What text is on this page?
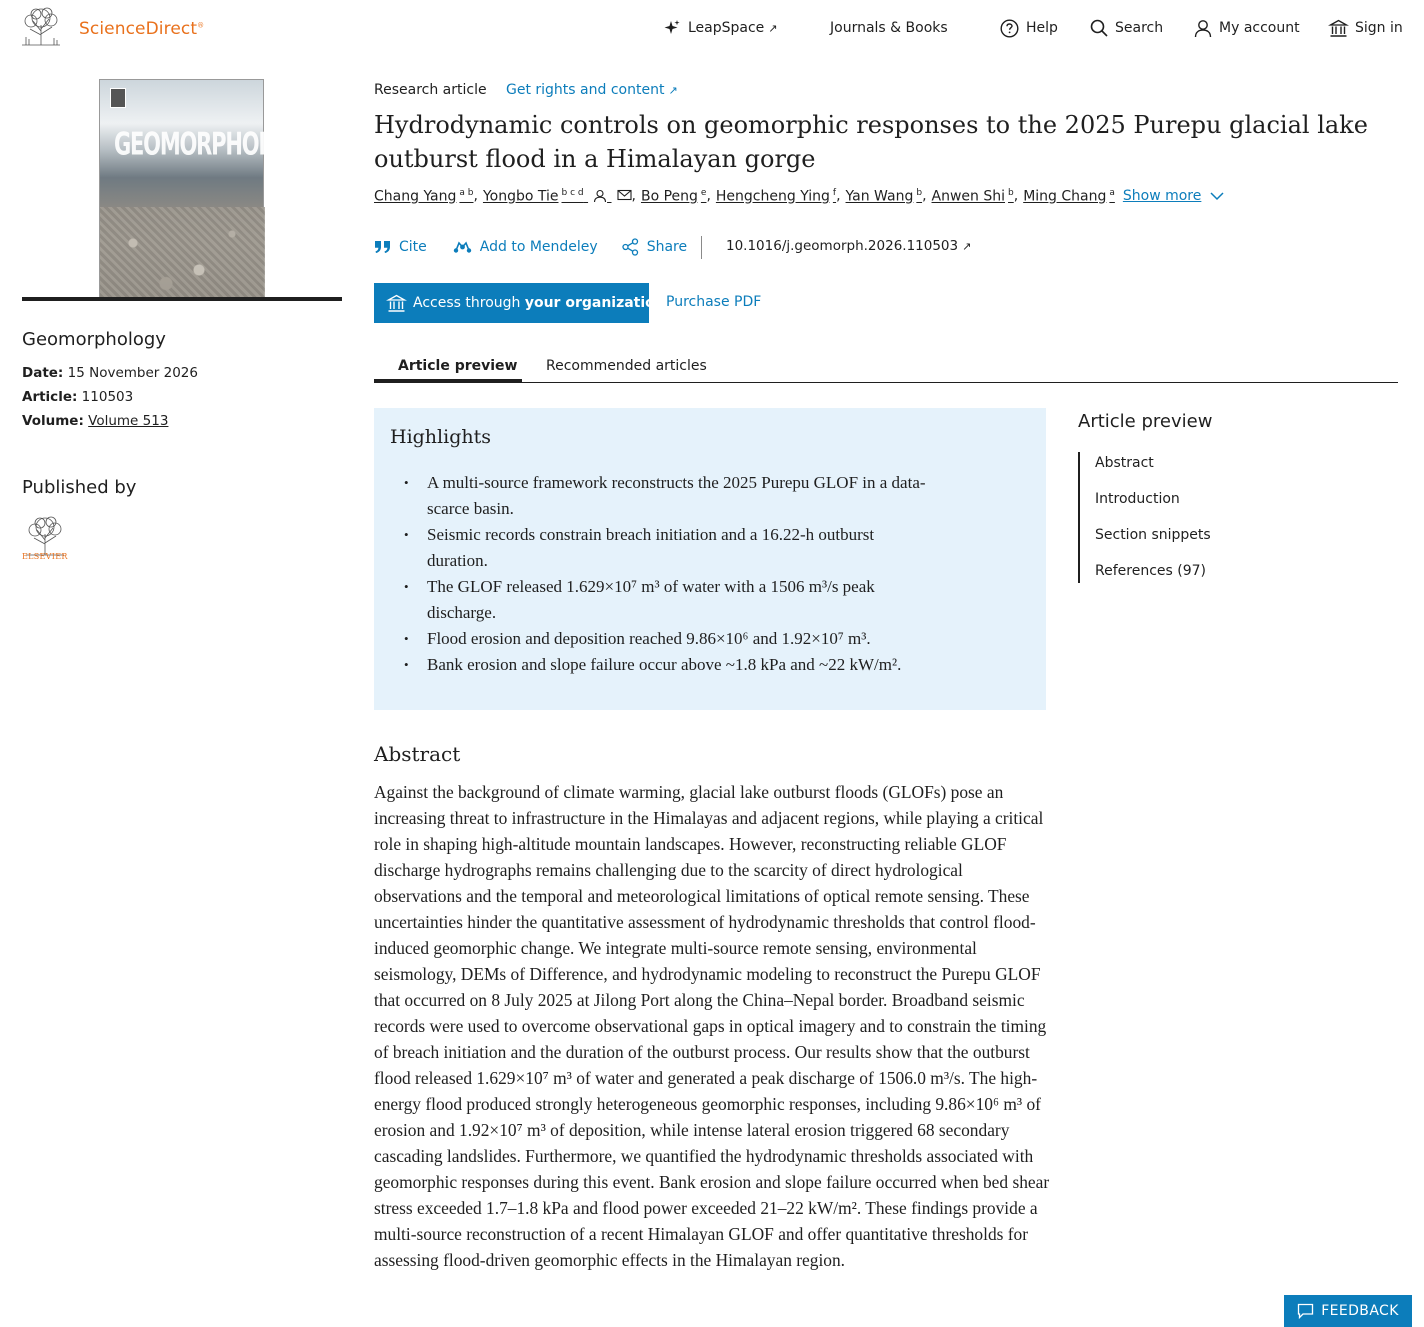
ScienceDirect®	LeapSpace ↗	Journals & Books	Help	Search	My account	Sign in
GEOMORPHOLOGY
Geomorphology
Date: 15 November 2026
Article: 110503
Volume: Volume 513
Published by
ELSEVIER
Research article Get rights and content ↗
Hydrodynamic controls on geomorphic responses to the 2025 Purepu glacial lake outburst flood in a Himalayan gorge
Chang Yang $^{a b}$ , Yongbo Tie $^{b c d}$	, Bo Peng $^e$ , Hengcheng Ying $^f$ , Yan Wang $^b$ , Anwen Shi $^b$ , Ming Chang $^a$ Show more
Cite	Add to Mendeley	Share	10.1016/j.geomorph.2026.110503 ↗
Access through your organization Purchase PDF
Article preview Recommended articles
Highlights
• A multi-source framework reconstructs the 2025 Purepu GLOF in a data-scarce basin.
• Seismic records constrain breach initiation and a 16.22-h outburst duration.
• The GLOF released 1.629×10⁷ m³ of water with a 1506 m³/s peak discharge.
• Flood erosion and deposition reached 9.86×10⁶ and 1.92×10⁷ m³.
• Bank erosion and slope failure occur above ~1.8 kPa and ~22 kW/m².
Abstract
Against the background of climate warming, glacial lake outburst floods (GLOFs) pose an increasing threat to infrastructure in the Himalayas and adjacent regions, while playing a critical role in shaping high-altitude mountain landscapes. However, reconstructing reliable GLOF discharge hydrographs remains challenging due to the scarcity of direct hydrological observations and the temporal and meteorological limitations of optical remote sensing. These uncertainties hinder the quantitative assessment of hydrodynamic thresholds that control flood-induced geomorphic change. We integrate multi-source remote sensing, environmental seismology, DEMs of Difference, and hydrodynamic modeling to reconstruct the Purepu GLOF that occurred on 8 July 2025 at Jilong Port along the China–Nepal border. Broadband seismic records were used to overcome observational gaps in optical imagery and to constrain the timing of breach initiation and the duration of the outburst process. Our results show that the outburst flood released 1.629×10⁷ m³ of water and generated a peak discharge of 1506.0 m³/s. The high-energy flood produced strongly heterogeneous geomorphic responses, including 9.86×10⁶ m³ of erosion and 1.92×10⁷ m³ of deposition, while intense lateral erosion triggered 68 secondary cascading landslides. Furthermore, we quantified the hydrodynamic thresholds associated with geomorphic responses during this event. Bank erosion and slope failure occurred when bed shear stress exceeded 1.7–1.8 kPa and flood power exceeded 21–22 kW/m². These findings provide a multi-source reconstruction of a recent Himalayan GLOF and offer quantitative thresholds for assessing flood-driven geomorphic effects in the Himalayan region.
Article preview
Abstract
Introduction
Section snippets
References (97)
FEEDBACK
